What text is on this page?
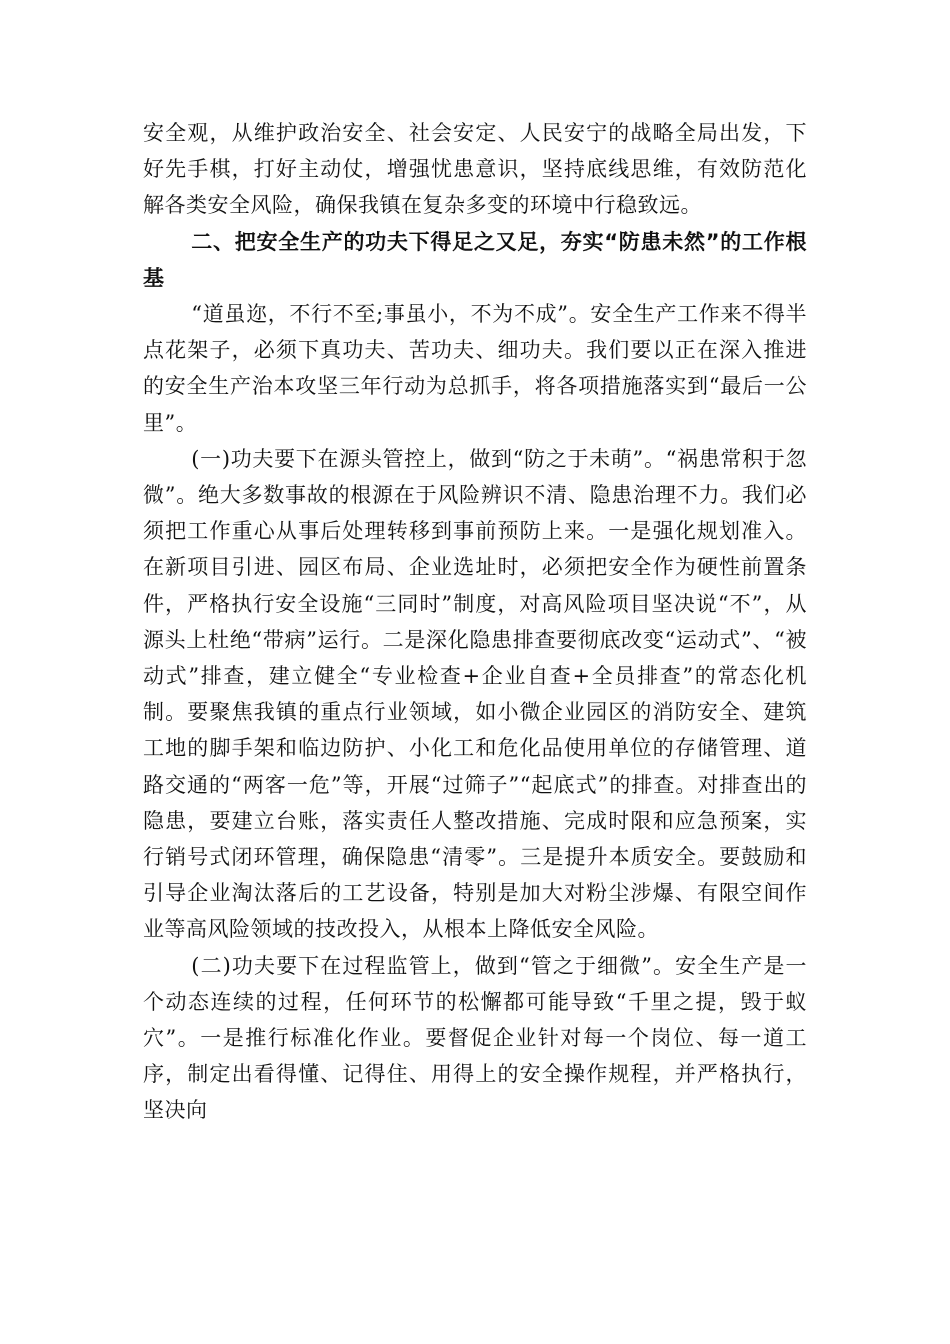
安全观，从维护政治安全、社会安定、人民安宁的战略全局出发，下好先手棋，打好主动仗，增强忧患意识，坚持底线思维，有效防范化解各类安全风险，确保我镇在复杂多变的环境中行稳致远。

二、把安全生产的功夫下得足之又足，夯实“防患未然”的工作根基

“道虽迩，不行不至;事虽小，不为不成”。安全生产工作来不得半点花架子，必须下真功夫、苦功夫、细功夫。我们要以正在深入推进的安全生产治本攻坚三年行动为总抓手，将各项措施落实到“最后一公里”。

(一)功夫要下在源头管控上，做到“防之于未萌”。“祸患常积于忽微”。绝大多数事故的根源在于风险辨识不清、隐患治理不力。我们必须把工作重心从事后处理转移到事前预防上来。一是强化规划准入。在新项目引进、园区布局、企业选址时，必须把安全作为硬性前置条件，严格执行安全设施“三同时”制度，对高风险项目坚决说“不”，从源头上杜绝“带病”运行。二是深化隐患排查要彻底改变“运动式”、“被动式”排查，建立健全“专业检查+企业自查+全员排查”的常态化机制。要聚焦我镇的重点行业领域，如小微企业园区的消防安全、建筑工地的脚手架和临边防护、小化工和危化品使用单位的存储管理、道路交通的“两客一危”等，开展“过筛子”“起底式”的排查。对排查出的隐患，要建立台账，落实责任人整改措施、完成时限和应急预案，实行销号式闭环管理，确保隐患“清零”。三是提升本质安全。要鼓励和引导企业淘汰落后的工艺设备，特别是加大对粉尘涉爆、有限空间作业等高风险领域的技改投入，从根本上降低安全风险。

(二)功夫要下在过程监管上，做到“管之于细微”。安全生产是一个动态连续的过程，任何环节的松懈都可能导致“千里之提，毁于蚁穴”。一是推行标准化作业。要督促企业针对每一个岗位、每一道工序，制定出看得懂、记得住、用得上的安全操作规程，并严格执行，坚决向
